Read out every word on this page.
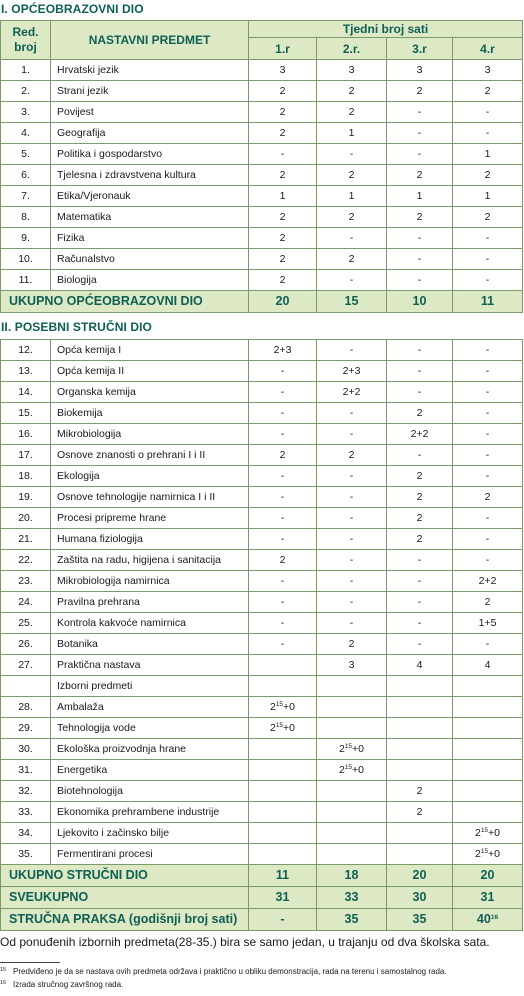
I. OPĆEOBRAZOVNI DIO
Red.
broj	NASTAVNI PREDMET	Tjedni broj sati			
		1.r	2.r.	3.r	4.r
1.	Hrvatski jezik	3	3	3	3
2.	Strani jezik	2	2	2	2
3.	Povijest	2	2	-	-
4.	Geografija	2	1	-	-
5.	Politika i gospodarstvo	-	-	-	1
6.	Tjelesna i zdravstvena kultura	2	2	2	2
7.	Etika/Vjeronauk	1	1	1	1
8.	Matematika	2	2	2	2
9.	Fizika	2	-	-	-
10.	Računalstvo	2	2	-	-
11.	Biologija	2	-	-	-
UKUPNO OPĆEOBRAZOVNI DIO		20	15	10	11
II. POSEBNI STRUČNI DIO
12.	Opća kemija I	2+3	-	-	-
13.	Opća kemija II	-	2+3	-	-
14.	Organska kemija	-	2+2	-	-
15.	Biokemija	-	-	2	-
16.	Mikrobiologija	-	-	2+2	-
17.	Osnove znanosti o prehrani I i II	2	2	-	-
18.	Ekologija	-	-	2	-
19.	Osnove tehnologije namirnica I i II	-	-	2	2
20.	Procesi pripreme hrane	-	-	2	-
21.	Humana fiziologija	-	-	2	-
22.	Zaštita na radu, higijena i sanitacija	2	-	-	-
23.	Mikrobiologija namirnica	-	-	-	2+2
24.	Pravilna prehrana	-	-	-	2
25.	Kontrola kakvoće namirnica	-	-	-	1+5
26.	Botanika	-	2	-	-
27.	Praktična nastava		3	4	4
	Izborni predmeti				
28.	Ambalaža	$2^{15}+0$			
29.	Tehnologija vode	$2^{15}+0$			
30.	Ekološka proizvodnja hrane		$2^{15}+0$		
31.	Energetika		$2^{15}+0$		
32.	Biotehnologija			2	
33.	Ekonomika prehrambene industrije			2	
34.	Ljekovito i začinsko bilje				$2^{15}+0$
35.	Fermentirani procesi				$2^{15}+0$
UKUPNO STRUČNI DIO		11	18	20	20
SVEUKUPNO		31	33	30	31
STRUČNA PRAKSA (godišnji broj sati)		-	35	35	$40^{16}$
Od ponuđenih izbornih predmeta(28-35.) bira se samo jedan, u trajanju od dva školska sata.
15 Predviđeno je da se nastava ovih predmeta održava i praktično u obliku demonstracija, rada na terenu i samostalnog rada.
16 Izrada stručnog završnog rada.
